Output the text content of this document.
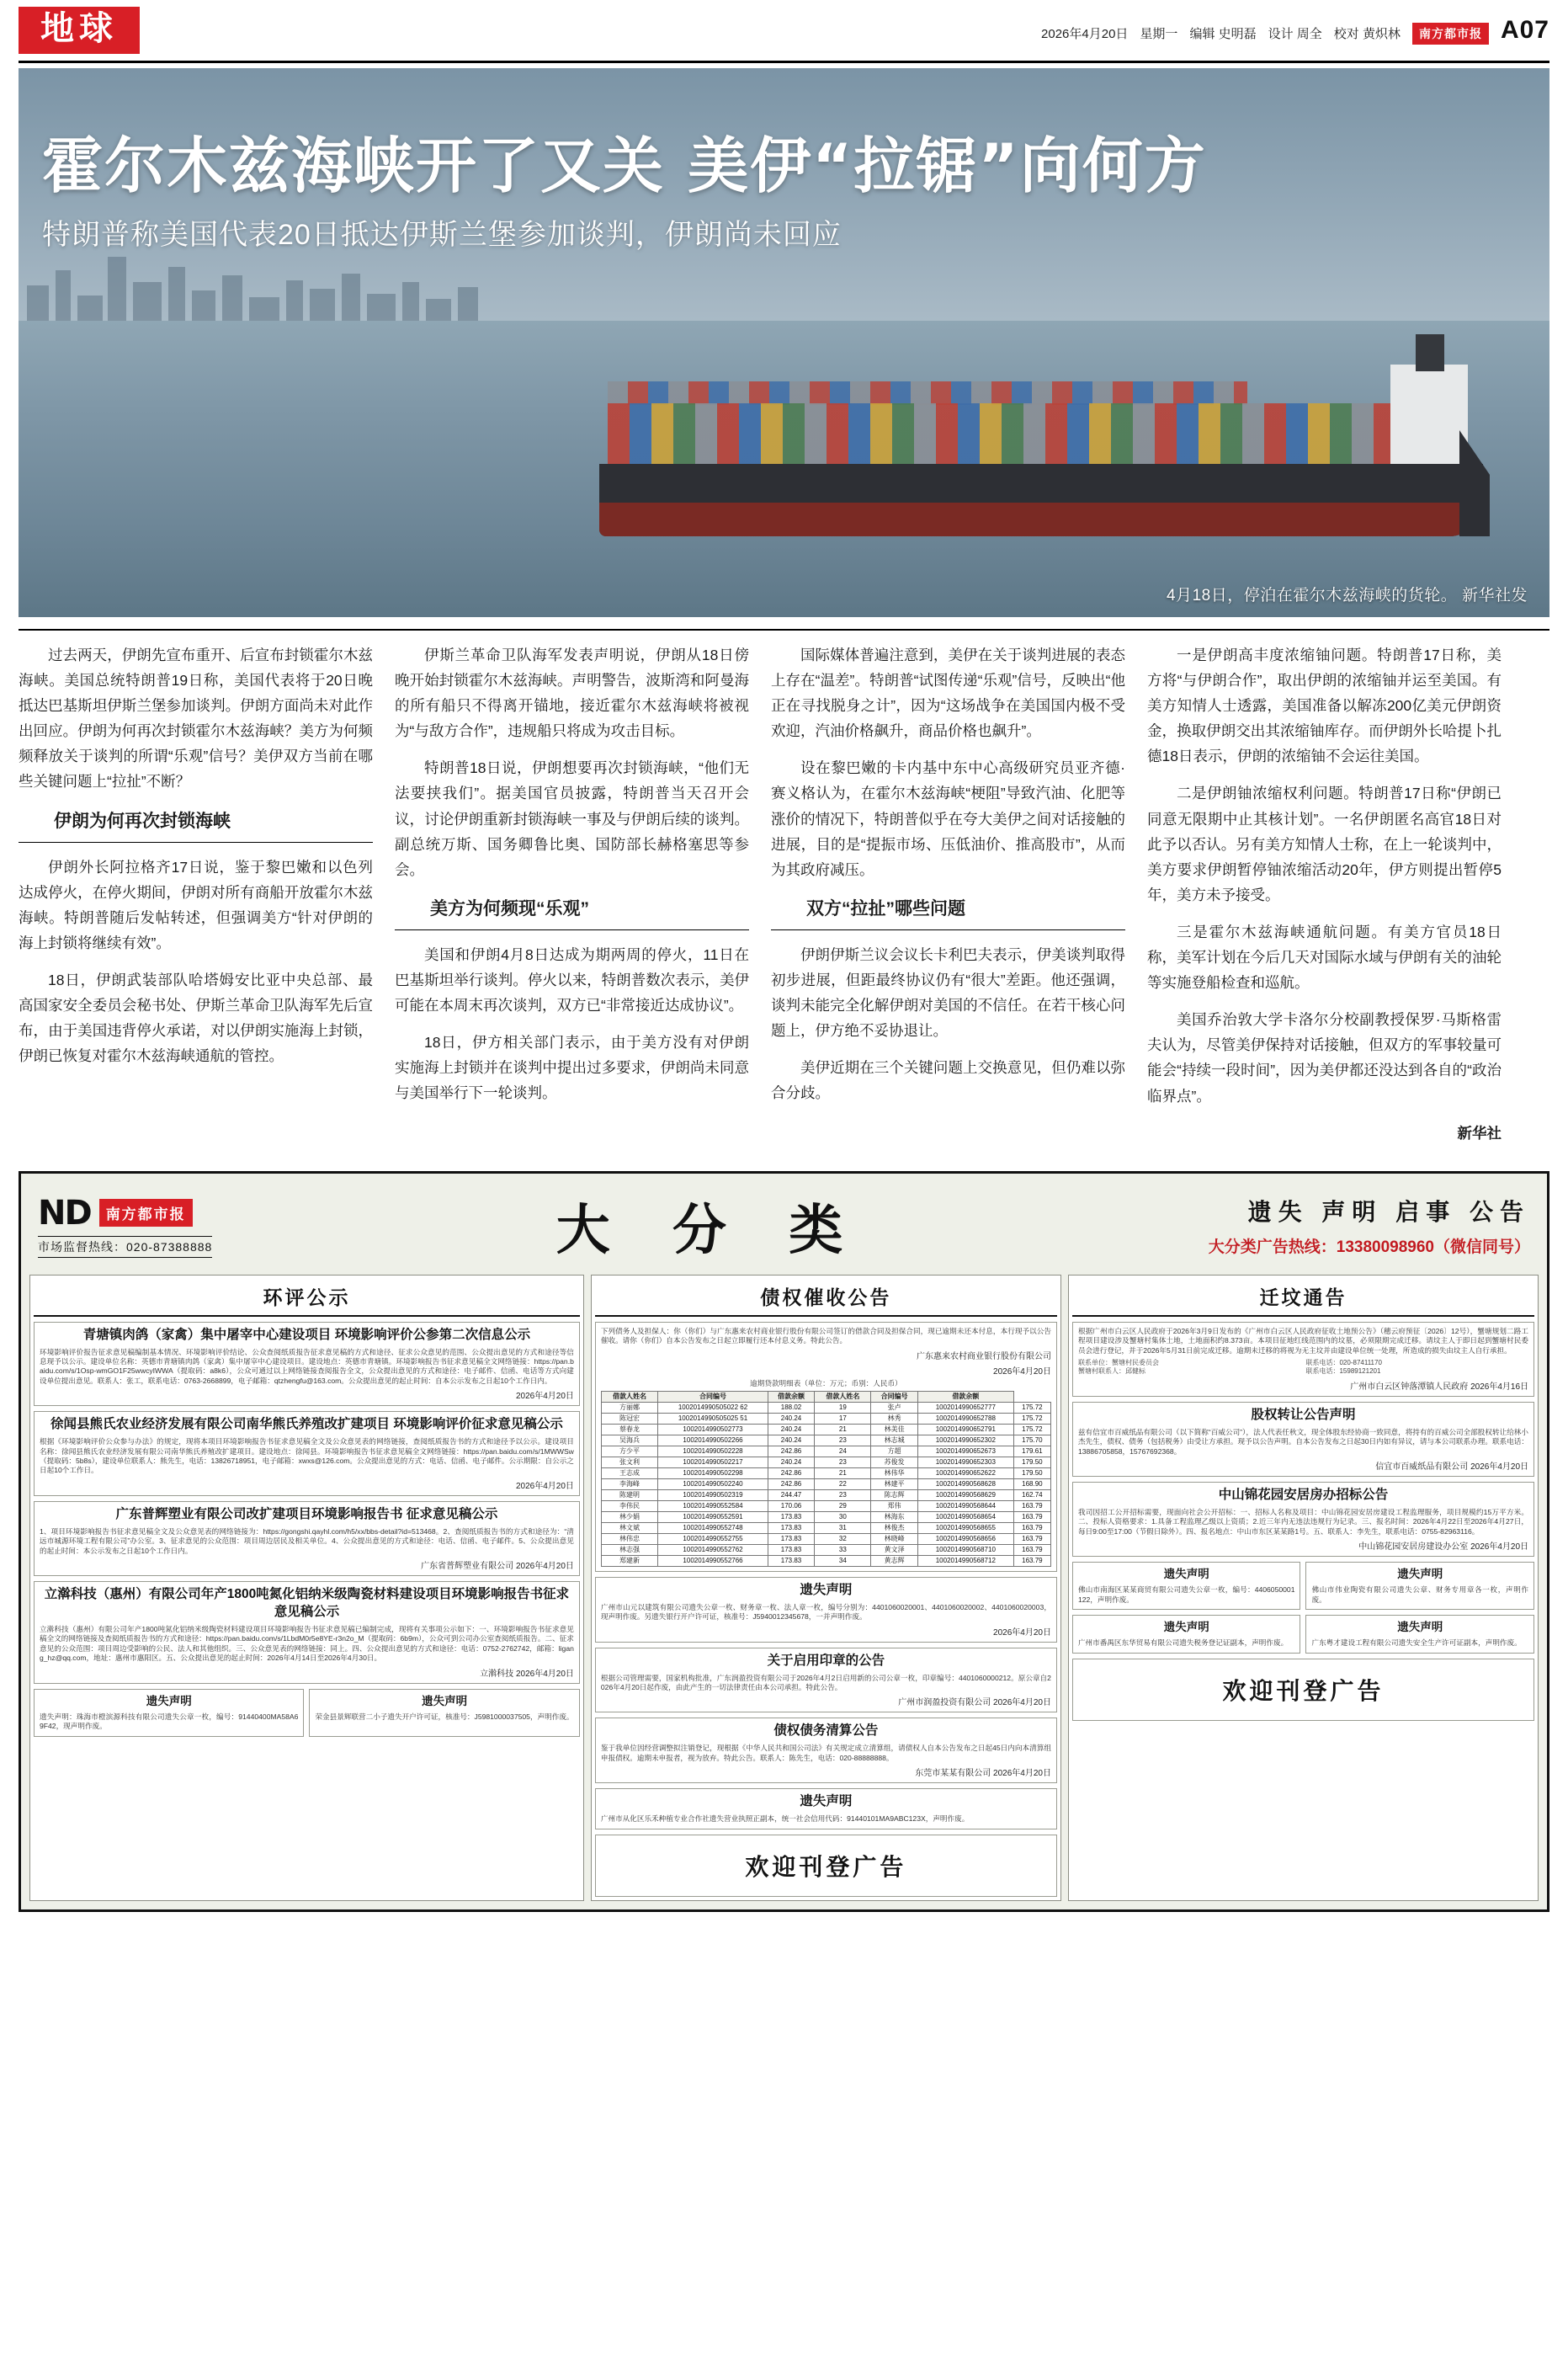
地球	2026年4月20日 星期一 编辑 史明磊 设计 周全 校对 黄炽林	南方都市报 A07
霍尔木兹海峡开了又关 美伊“拉锯”向何方
特朗普称美国代表20日抵达伊斯兰堡参加谈判，伊朗尚未回应
4月18日，停泊在霍尔木兹海峡的货轮。 新华社发

过去两天，伊朗先宣布重开、后宣布封锁霍尔木兹海峡。美国总统特朗普19日称，美国代表将于20日晚抵达巴基斯坦伊斯兰堡参加谈判。伊朗方面尚未对此作出回应。伊朗为何再次封锁霍尔木兹海峡？美方为何频频释放关于谈判的所谓“乐观”信号？美伊双方当前在哪些关键问题上“拉扯”不断？

伊朗为何再次封锁海峡

伊朗外长阿拉格齐17日说，鉴于黎巴嫩和以色列达成停火，在停火期间，伊朗对所有商船开放霍尔木兹海峡。特朗普随后发帖转述，但强调美方“针对伊朗的海上封锁将继续有效”。

18日，伊朗武装部队哈塔姆安比亚中央总部、最高国家安全委员会秘书处、伊斯兰革命卫队海军先后宣布，由于美国违背停火承诺，对以伊朗实施海上封锁，伊朗已恢复对霍尔木兹海峡通航的管控。

伊斯兰革命卫队海军发表声明说，伊朗从18日傍晚开始封锁霍尔木兹海峡。声明警告，波斯湾和阿曼海的所有船只不得离开锚地，接近霍尔木兹海峡将被视为“与敌方合作”，违规船只将成为攻击目标。

特朗普18日说，伊朗想要再次封锁海峡，“他们无法要挟我们”。据美国官员披露，特朗普当天召开会议，讨论伊朗重新封锁海峡一事及与伊朗后续的谈判。副总统万斯、国务卿鲁比奥、国防部长赫格塞思等参会。

美方为何频现“乐观”

美国和伊朗4月8日达成为期两周的停火，11日在巴基斯坦举行谈判。停火以来，特朗普数次表示，美伊可能在本周末再次谈判，双方已“非常接近达成协议”。

18日，伊方相关部门表示，由于美方没有对伊朗实施海上封锁并在谈判中提出过多要求，伊朗尚未同意与美国举行下一轮谈判。

国际媒体普遍注意到，美伊在关于谈判进展的表态上存在“温差”。特朗普“试图传递“乐观”信号，反映出“他正在寻找脱身之计”，因为“这场战争在美国国内极不受欢迎，汽油价格飙升，商品价格也飙升”。

设在黎巴嫩的卡内基中东中心高级研究员亚齐德·赛义格认为，在霍尔木兹海峡“梗阻”导致汽油、化肥等涨价的情况下，特朗普似乎在夸大美伊之间对话接触的进展，目的是“提振市场、压低油价、推高股市”，从而为其政府减压。

双方“拉扯”哪些问题

伊朗伊斯兰议会议长卡利巴夫表示，伊美谈判取得初步进展，但距最终协议仍有“很大”差距。他还强调，谈判未能完全化解伊朗对美国的不信任。在若干核心问题上，伊方绝不妥协退让。

美伊近期在三个关键问题上交换意见，但仍难以弥合分歧。

一是伊朗高丰度浓缩铀问题。特朗普17日称，美方将“与伊朗合作”，取出伊朗的浓缩铀并运至美国。有美方知情人士透露，美国准备以解冻200亿美元伊朗资金，换取伊朗交出其浓缩铀库存。而伊朗外长哈提卜扎德18日表示，伊朗的浓缩铀不会运往美国。

二是伊朗铀浓缩权利问题。特朗普17日称“伊朗已同意无限期中止其核计划”。一名伊朗匿名高官18日对此予以否认。另有美方知情人士称，在上一轮谈判中，美方要求伊朗暂停铀浓缩活动20年，伊方则提出暂停5年，美方未予接受。

三是霍尔木兹海峡通航问题。有美方官员18日称，美军计划在今后几天对国际水域与伊朗有关的油轮等实施登船检查和巡航。

美国乔治敦大学卡洛尔分校副教授保罗·马斯格雷夫认为，尽管美伊保持对话接触，但双方的军事较量可能会“持续一段时间”，因为美伊都还没达到各自的“政治临界点”。

新华社

ND	南方都市报
市场监督热线：020-87388888	大 分 类	遗失 声明 启事 公告
大分类广告热线：13380098960（微信同号）
环评公示
青塘镇肉鸽（家禽）集中屠宰中心建设项目 环境影响评价公参第二次信息公示
环境影响评价报告征求意见稿编制基本情况、环境影响评价结论、公众查阅纸质报告征求意见稿的方式和途径、征求公众意见的范围、公众提出意见的方式和途径等信息现予以公示。建设单位名称：英德市青塘镇肉鸽（家禽）集中屠宰中心建设项目。建设地点：英德市青塘镇。环境影响报告书征求意见稿全文网络链接：https://pan.baidu.com/s/1Osp-wmGO1F25wwcyIWWA（提取码：a8k6），公众可通过以上网络链接查阅报告全文，公众提出意见的方式和途径：电子邮件、信函、电话等方式向建设单位提出意见。联系人：张工，联系电话：0763-2668899，电子邮箱：qtzhengfu@163.com。公众提出意见的起止时间：自本公示发布之日起10个工作日内。
2026年4月20日
徐闻县熊氏农业经济发展有限公司南华熊氏养殖改扩建项目 环境影响评价征求意见稿公示
根据《环境影响评价公众参与办法》的规定，现将本项目环境影响报告书征求意见稿全文及公众意见表的网络链接，查阅纸质报告书的方式和途径予以公示。建设项目名称：徐闻县熊氏农业经济发展有限公司南华熊氏养殖改扩建项目。建设地点：徐闻县。环境影响报告书征求意见稿全文网络链接：https://pan.baidu.com/s/1MWWSw（提取码：5b8s），建设单位联系人：熊先生，电话：13826718951，电子邮箱：xwxs@126.com。公众提出意见的方式：电话、信函、电子邮件。公示期限：自公示之日起10个工作日。
2026年4月20日
广东普辉塑业有限公司改扩建项目环境影响报告书 征求意见稿公示
1、项目环境影响报告书征求意见稿全文及公众意见表的网络链接为：https://gongshi.qayhl.com/h5/xx/bbs-detail?id=513468。2、查阅纸质报告书的方式和途径为：“清远市城源环境工程有限公司”办公室。3、征求意见的公众范围：项目周边居民及相关单位。4、公众提出意见的方式和途径：电话、信函、电子邮件。5、公众提出意见的起止时间：本公示发布之日起10个工作日内。
广东省普辉塑业有限公司 2026年4月20日
立濣科技（惠州）有限公司年产1800吨氮化铝纳米级陶瓷材料建设项目环境影响报告书征求意见稿公示
立濣科技（惠州）有限公司年产1800吨氮化铝纳米级陶瓷材料建设项目环境影响报告书征求意见稿已编制完成，现将有关事项公示如下：一、环境影响报告书征求意见稿全文的网络链接及查阅纸质报告书的方式和途径：https://pan.baidu.com/s/1LbdM0r5e8YE-r3n2o_M（提取码：6b9m），公众可到公司办公室查阅纸质报告。二、征求意见的公众范围：项目周边受影响的公民、法人和其他组织。三、公众意见表的网络链接：同上。四、公众提出意见的方式和途径：电话：0752-2762742，邮箱：ligang_hz@qq.com，地址：惠州市惠阳区。五、公众提出意见的起止时间：2026年4月14日至2026年4月30日。
立濣科技 2026年4月20日
遗失声明
遗失声明：珠海市橙滨源科技有限公司遗失公章一枚，编号：91440400MA58A69F42，现声明作废。
遗失声明
荣金县景辉联营二小子遗失开户许可证，核准号：J5981000037505，声明作废。
债权催收公告
下列债务人及担保人：你（你们）与广东惠来农村商业银行股份有限公司签订的借款合同及担保合同，现已逾期未还本付息，本行现予以公告催收。请你（你们）自本公告发布之日起立即履行还本付息义务。特此公告。
广东惠来农村商业银行股份有限公司
2026年4月20日
逾期贷款明细表（单位：万元；币别：人民币）
借款人姓名	合同编号	借款余额	借款人姓名	合同编号	借款余额	
方丽娜	1002014990505022 62	188.02	19	张卢	1002014990652777	175.72
陈冠宏	1002014990505025 51	240.24	17	林秀	1002014990652788	175.72
蔡春龙	1002014990502773	240.24	21	林美佳	1002014990652791	175.72
吴海兵	1002014990502266	240.24	23	林志城	1002014990652302	175.70
方少平	1002014990502228	242.86	24	方超	1002014990652673	179.61
张文利	1002014990502217	240.24	23	苏俊发	1002014990652303	179.50
王志成	1002014990502298	242.86	21	林伟华	1002014990652622	179.50
李海峰	1002014990502240	242.86	22	林建平	1002014990568628	168.90
陈建明	1002014990502319	244.47	23	陈志辉	1002014990568629	162.74
李伟民	1002014990552584	170.06	29	郑伟	1002014990568644	163.79
林少娟	1002014990552591	173.83	30	林海东	1002014990568654	163.79
林文斌	1002014990552748	173.83	31	林俊杰	1002014990568655	163.79
林伟忠	1002014990552755	173.83	32	林晓峰	1002014990568656	163.79
林志强	1002014990552762	173.83	33	黄文泽	1002014990568710	163.79
郑建新	1002014990552766	173.83	34	黄志辉	1002014990568712	163.79
遗失声明
广州市山元以建筑有限公司遗失公章一枚、财务章一枚、法人章一枚，编号分别为：4401060020001、4401060020002、4401060020003，现声明作废。另遗失银行开户许可证，核准号：J5940012345678，一并声明作废。
2026年4月20日
关于启用印章的公告
根据公司管理需要，国家机构批准，广东润盈投资有限公司于2026年4月2日启用新的公司公章一枚，印章编号：4401060000212。原公章自2026年4月20日起作废，由此产生的一切法律责任由本公司承担。特此公告。
广州市润盈投资有限公司 2026年4月20日
债权债务清算公告
鉴于我单位因经营调整拟注销登记，现根据《中华人民共和国公司法》有关规定成立清算组，请债权人自本公告发布之日起45日内向本清算组申报债权。逾期未申报者，视为放弃。特此公告。联系人：陈先生，电话：020-88888888。
东莞市某某有限公司 2026年4月20日
遗失声明
广州市从化区乐禾种植专业合作社遗失营业执照正副本，统一社会信用代码：91440101MA9ABC123X，声明作废。
欢迎刊登广告
迁坟通告
根据广州市白云区人民政府于2026年3月9日发布的《广州市白云区人民政府征收土地预公告》（穗云府预征〔2026〕12号），蟹塘规划二路工程项目建设涉及蟹塘村集体土地，土地面积约8.373亩。本项目征地红线范围内的坟墓，必须限期完成迁移。请坟主人于即日起到蟹塘村民委员会进行登记，并于2026年5月31日前完成迁移。逾期未迁移的将视为无主坟并由建设单位统一处理，所造成的损失由坟主人自行承担。
联系单位：蟹塘村民委员会	联系电话：020-87411170
蟹塘村联系人：邱健标	联系电话：15989121201
广州市白云区钟落潭镇人民政府 2026年4月16日
股权转让公告声明
兹有信宜市百威纸品有限公司（以下简称“百威公司”），法人代表任秋文，现全体股东经协商一致同意，将持有的百威公司全部股权转让给林小杰先生，债权、债务（包括税务）由受让方承担。现予以公告声明。自本公告发布之日起30日内如有异议，请与本公司联系办理。联系电话：13886705858，15767692368。
信宜市百威纸品有限公司 2026年4月20日
中山锦花园安居房办招标公告
我司因招工公开招标需要，现面向社会公开招标：一、招标人名称及项目：中山锦花园安居房建设工程监理服务，项目规模约15万平方米。二、投标人资格要求：1.具备工程监理乙级以上资质；2.近三年内无违法违规行为记录。三、报名时间：2026年4月22日至2026年4月27日，每日9:00至17:00（节假日除外）。四、报名地点：中山市东区某某路1号。五、联系人：李先生，联系电话：0755-82963116。
中山锦花园安居房建设办公室 2026年4月20日
遗失声明
佛山市南海区某某商贸有限公司遗失公章一枚，编号：4406050001122，声明作废。
遗失声明
佛山市伟业陶瓷有限公司遗失公章、财务专用章各一枚，声明作废。
遗失声明
广州市番禺区东华贸易有限公司遗失税务登记证副本，声明作废。
遗失声明
广东粤才建设工程有限公司遗失安全生产许可证副本，声明作废。
欢迎刊登广告
